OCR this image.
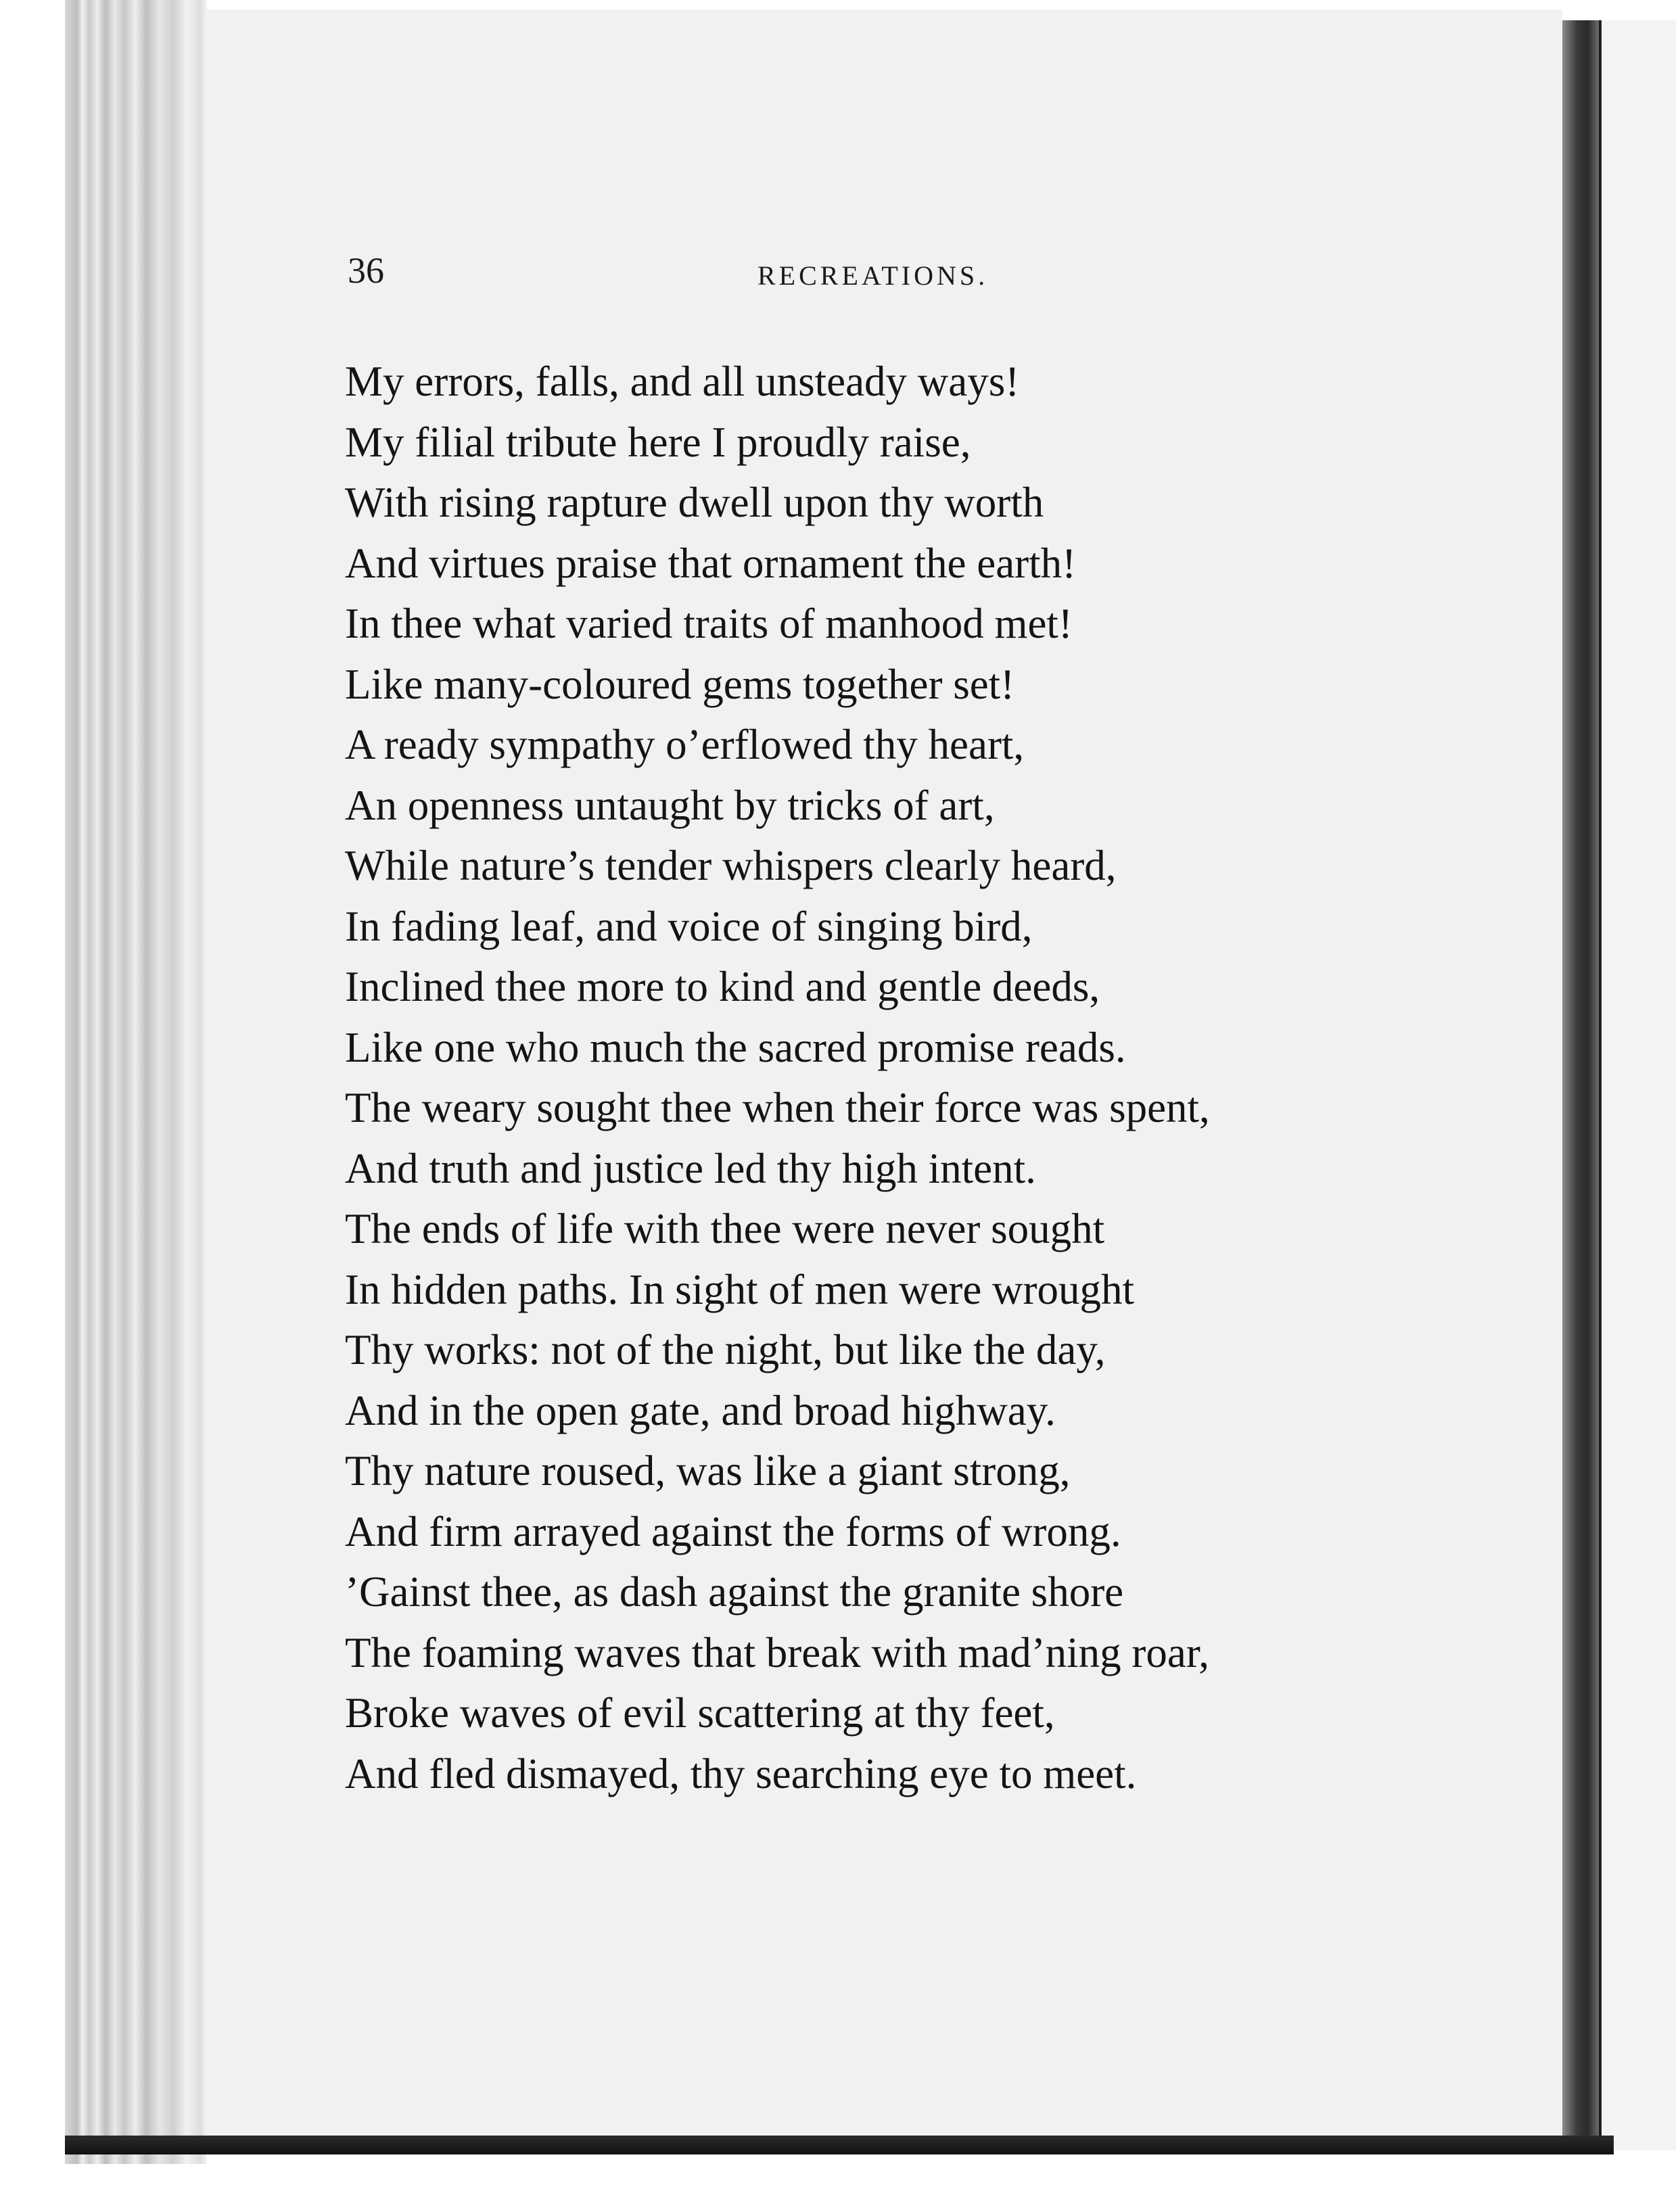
36	RECREATIONS.
My errors, falls, and all unsteady ways!
My filial tribute here I proudly raise,
With rising rapture dwell upon thy worth
And virtues praise that ornament the earth!
In thee what varied traits of manhood met!
Like many-coloured gems together set!
A ready sympathy o’erflowed thy heart,
An openness untaught by tricks of art,
While nature’s tender whispers clearly heard,
In fading leaf, and voice of singing bird,
Inclined thee more to kind and gentle deeds,
Like one who much the sacred promise reads.
The weary sought thee when their force was spent,
And truth and justice led thy high intent.
The ends of life with thee were never sought
In hidden paths. In sight of men were wrought
Thy works: not of the night, but like the day,
And in the open gate, and broad highway.
Thy nature roused, was like a giant strong,
And firm arrayed against the forms of wrong.
’Gainst thee, as dash against the granite shore
The foaming waves that break with mad’ning roar,
Broke waves of evil scattering at thy feet,
And fled dismayed, thy searching eye to meet.
